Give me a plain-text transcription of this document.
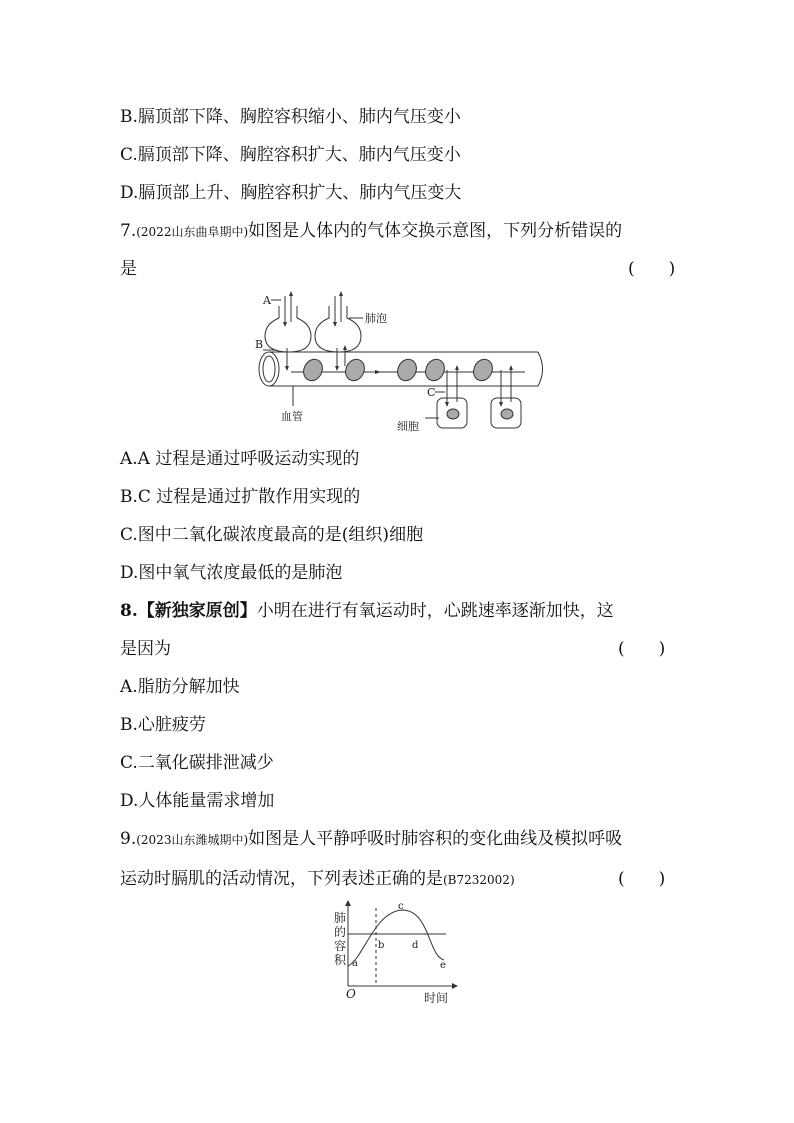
B.膈顶部下降、胸腔容积缩小、肺内气压变小
C.膈顶部下降、胸腔容积扩大、肺内气压变小
D.膈顶部上升、胸腔容积扩大、肺内气压变大
7.(2022山东曲阜期中)如图是人体内的气体交换示意图，下列分析错误的
是	(　　)
A
B
C
肺泡
血管
细胞
A.A 过程是通过呼吸运动实现的
B.C 过程是通过扩散作用实现的
C.图中二氧化碳浓度最高的是(组织)细胞
D.图中氧气浓度最低的是肺泡
8.【新独家原创】小明在进行有氧运动时，心跳速率逐渐加快，这
是因为	(　　)
A.脂肪分解加快
B.心脏疲劳
C.二氧化碳排泄减少
D.人体能量需求增加
9.(2023山东潍城期中)如图是人平静呼吸时肺容积的变化曲线及模拟呼吸
运动时膈肌的活动情况，下列表述正确的是(B7232002)	(　　)
肺
的
容
积
时间
O
a
b
c
d
e
